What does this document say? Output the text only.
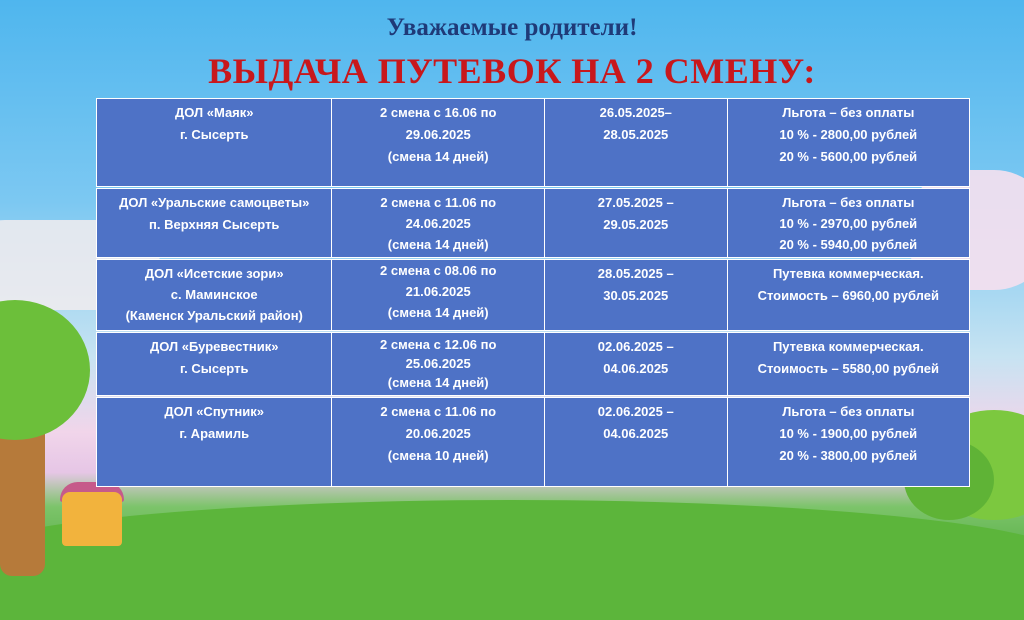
Уважаемые родители!
ВЫДАЧА ПУТЕВОК НА 2 СМЕНУ:
ДОЛ «Маяк»
г. Сысерть
2 смена с 16.06 по
29.06.2025
(смена 14 дней)
26.05.2025–
28.05.2025
Льгота – без оплаты
10 % - 2800,00 рублей
20 % - 5600,00 рублей
ДОЛ «Уральские самоцветы»
п. Верхняя Сысерть
2 смена с 11.06 по
24.06.2025
(смена 14 дней)
27.05.2025 –
29.05.2025
Льгота – без оплаты
10 % - 2970,00 рублей
20 % - 5940,00 рублей
ДОЛ «Исетские зори»
с. Маминское
(Каменск Уральский район)
2 смена с 08.06 по
21.06.2025
(смена 14 дней)
28.05.2025 –
30.05.2025
Путевка коммерческая.
Стоимость – 6960,00 рублей
ДОЛ «Буревестник»
г. Сысерть
2 смена с 12.06 по
25.06.2025
(смена 14 дней)
02.06.2025 –
04.06.2025
Путевка коммерческая.
Стоимость – 5580,00 рублей
ДОЛ «Спутник»
г. Арамиль
2 смена с 11.06 по
20.06.2025
(смена 10 дней)
02.06.2025 –
04.06.2025
Льгота – без оплаты
10 % - 1900,00 рублей
20 % - 3800,00 рублей
